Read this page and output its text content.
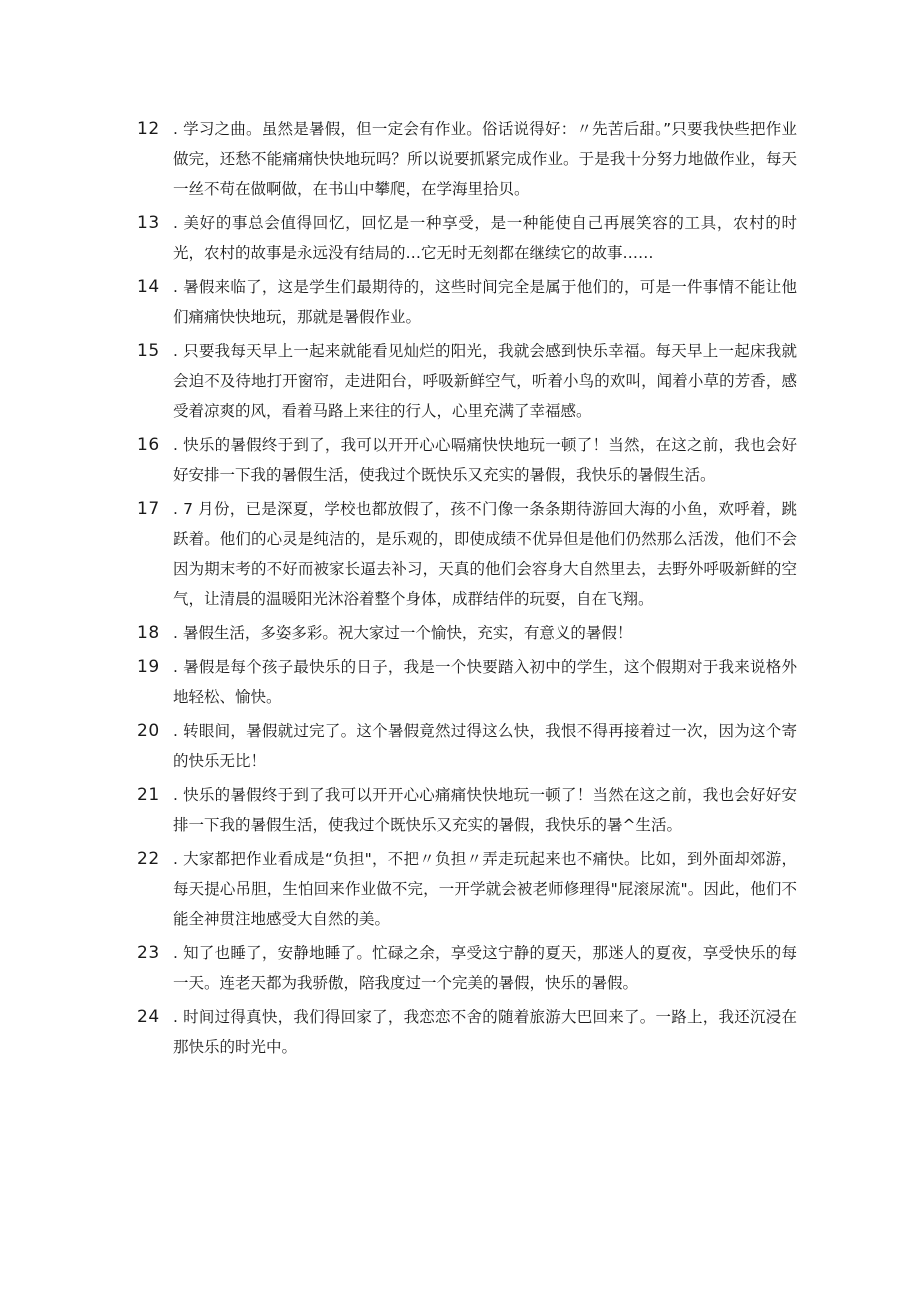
12 . 学习之曲。虽然是暑假，但一定会有作业。俗话说得好：〃先苦后甜。”只要我快些把作业做完，还愁不能痛痛快快地玩吗？所以说要抓紧完成作业。于是我十分努力地做作业，每天一丝不苟在做啊做，在书山中攀爬，在学海里拾贝。
13 . 美好的事总会值得回忆，回忆是一种享受，是一种能使自己再展笑容的工具，农村的时光，农村的故事是永远没有结局的…它无时无刻都在继续它的故事……
14 . 暑假来临了，这是学生们最期待的，这些时间完全是属于他们的，可是一件事情不能让他们痛痛快快地玩，那就是暑假作业。
15 . 只要我每天早上一起来就能看见灿烂的阳光，我就会感到快乐幸福。每天早上一起床我就会迫不及待地打开窗帘，走进阳台，呼吸新鲜空气，听着小鸟的欢叫，闻着小草的芳香，感受着凉爽的风，看着马路上来往的行人，心里充满了幸福感。
16 . 快乐的暑假终于到了，我可以开开心心嗝痛快快地玩一顿了！当然，在这之前，我也会好好安排一下我的暑假生活，使我过个既快乐又充实的暑假，我快乐的暑假生活。
17 . 7 月份，已是深夏，学校也都放假了，孩不门像一条条期待游回大海的小鱼，欢呼着，跳跃着。他们的心灵是纯洁的，是乐观的，即使成绩不优异但是他们仍然那么活泼，他们不会因为期末考的不好而被家长逼去补习，天真的他们会容身大自然里去，去野外呼吸新鲜的空气，让清晨的温暖阳光沐浴着整个身体，成群结伴的玩耍，自在飞翔。
18 . 暑假生活，多姿多彩。祝大家过一个愉快，充实，有意义的暑假！
19 . 暑假是每个孩子最快乐的日子，我是一个快要踏入初中的学生，这个假期对于我来说格外地轻松、愉快。
20 . 转眼间，暑假就过完了。这个暑假竟然过得这么快，我恨不得再接着过一次，因为这个寄的快乐无比！
21 . 快乐的暑假终于到了我可以开开心心痛痛快快地玩一顿了！当然在这之前，我也会好好安排一下我的暑假生活，使我过个既快乐又充实的暑假，我快乐的暑^生活。
22 . 大家都把作业看成是“负担"，不把〃负担〃弄走玩起来也不痛快。比如，到外面却郊游，每天提心吊胆，生怕回来作业做不完，一开学就会被老师修理得"屁滚尿流"。因此，他们不能全神贯注地感受大自然的美。
23 . 知了也睡了，安静地睡了。忙碌之余，享受这宁静的夏天，那迷人的夏夜，享受快乐的每一天。连老天都为我骄傲，陪我度过一个完美的暑假，快乐的暑假。
24 . 时间过得真快，我们得回家了，我恋恋不舍的随着旅游大巴回来了。一路上，我还沉浸在那快乐的时光中。
